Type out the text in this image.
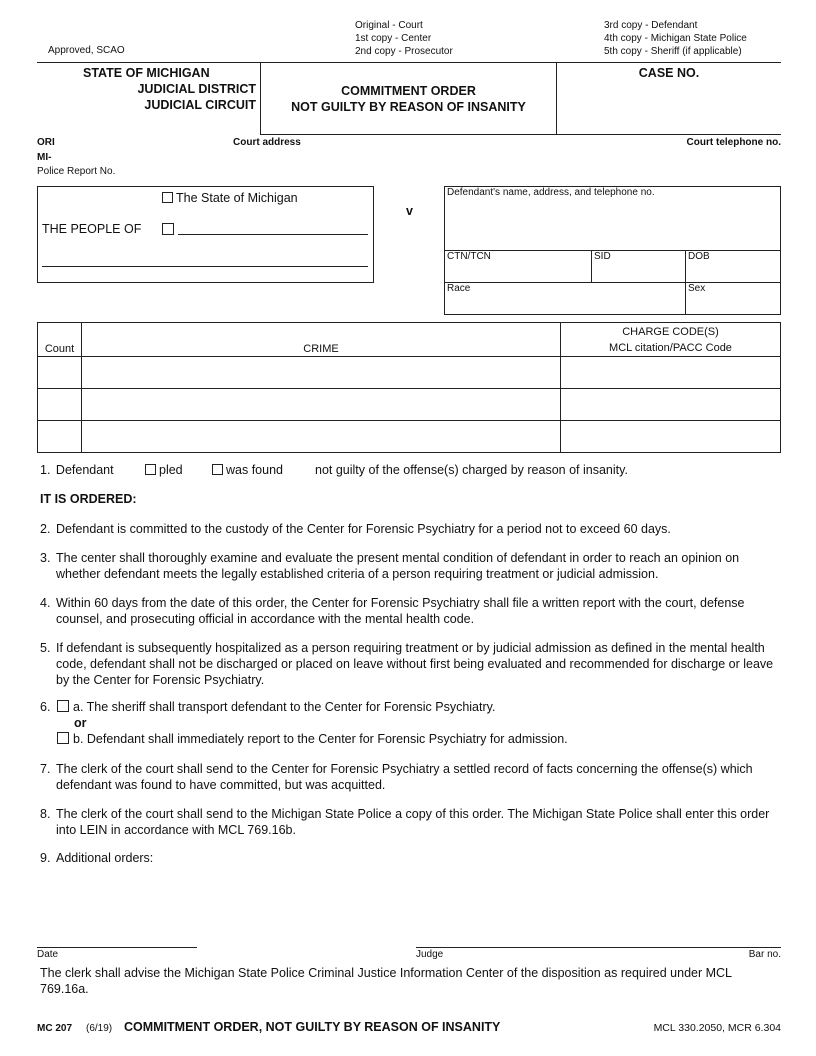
Approved, SCAO
Original - Court
1st copy - Center
2nd copy - Prosecutor
3rd copy - Defendant
4th copy - Michigan State Police
5th copy - Sheriff (if applicable)
STATE OF MICHIGAN
JUDICIAL DISTRICT
JUDICIAL CIRCUIT
COMMITMENT ORDER
NOT GUILTY BY REASON OF INSANITY
CASE NO.
ORI	Court address	Court telephone no.
MI-
Police Report No.
The State of Michigan
THE PEOPLE OF
v
Defendant's name, address, and telephone no.
CTN/TCN	SID	DOB
Race	Sex
Count	CRIME	CHARGE CODE(S)
MCL citation/PACC Code

1. Defendant	pled	was found	not guilty of the offense(s) charged by reason of insanity.
IT IS ORDERED:
2. Defendant is committed to the custody of the Center for Forensic Psychiatry for a period not to exceed 60 days.
3. The center shall thoroughly examine and evaluate the present mental condition of defendant in order to reach an opinion on whether defendant meets the legally established criteria of a person requiring treatment or judicial admission.
4. Within 60 days from the date of this order, the Center for Forensic Psychiatry shall file a written report with the court, defense counsel, and prosecuting official in accordance with the mental health code.
5. If defendant is subsequently hospitalized as a person requiring treatment or by judicial admission as defined in the mental health code, defendant shall not be discharged or placed on leave without first being evaluated and recommended for discharge or leave by the Center for Forensic Psychiatry.
6. a. The sheriff shall transport defendant to the Center for Forensic Psychiatry.
or
b. Defendant shall immediately report to the Center for Forensic Psychiatry for admission.
7. The clerk of the court shall send to the Center for Forensic Psychiatry a settled record of facts concerning the offense(s) which defendant was found to have committed, but was acquitted.
8. The clerk of the court shall send to the Michigan State Police a copy of this order. The Michigan State Police shall enter this order into LEIN in accordance with MCL 769.16b.
9. Additional orders:
Date	Judge	Bar no.
The clerk shall advise the Michigan State Police Criminal Justice Information Center of the disposition as required under MCL 769.16a.
MC 207 (6/19) COMMITMENT ORDER, NOT GUILTY BY REASON OF INSANITY	MCL 330.2050, MCR 6.304
